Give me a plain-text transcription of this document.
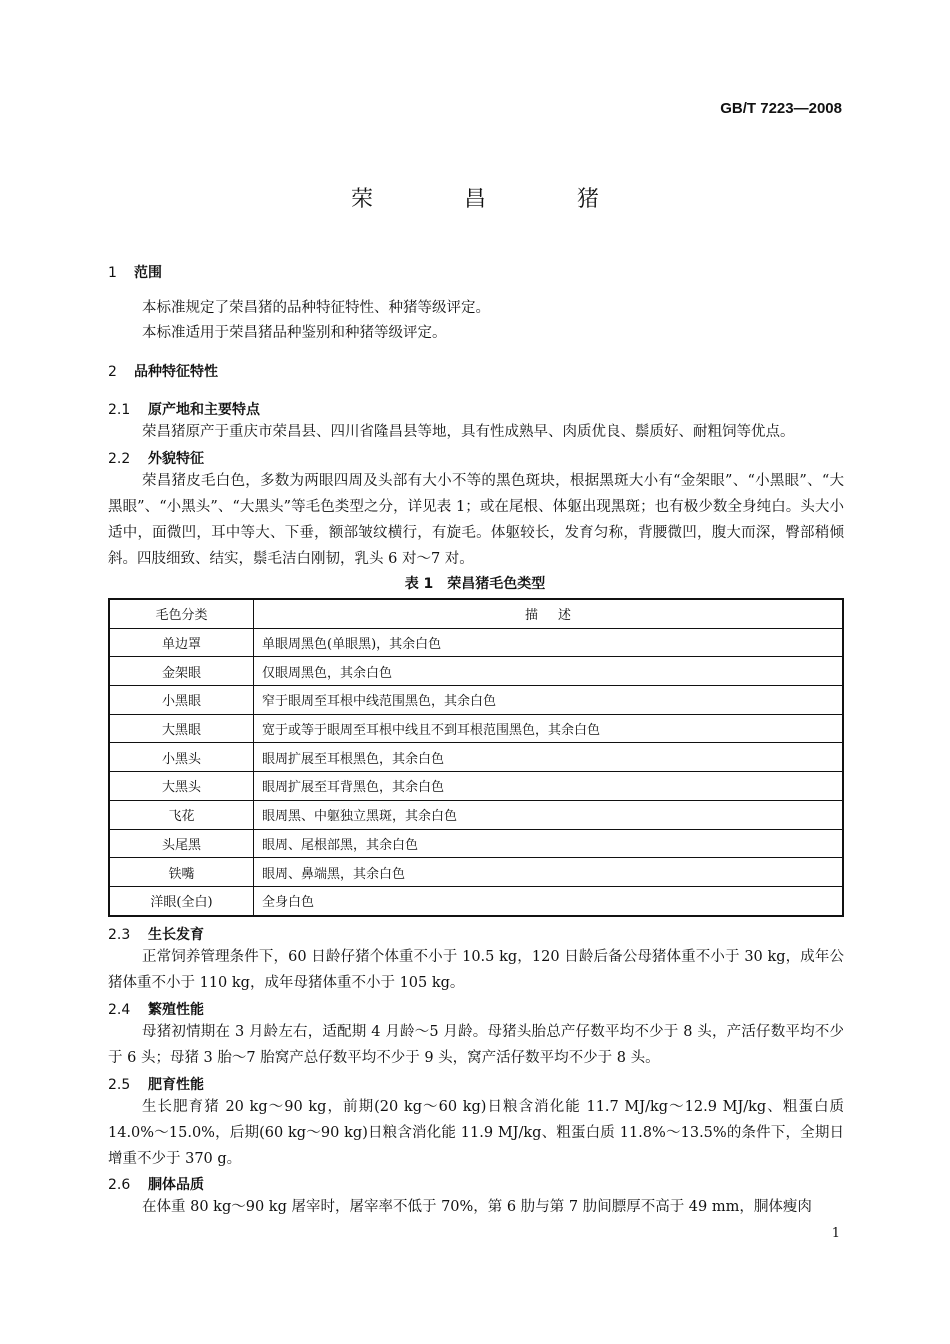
GB/T 7223—2008
荣 昌 猪
1 范围
本标准规定了荣昌猪的品种特征特性、种猪等级评定。
本标准适用于荣昌猪品种鉴别和种猪等级评定。
2 品种特征特性
2.1 原产地和主要特点
荣昌猪原产于重庆市荣昌县、四川省隆昌县等地，具有性成熟早、肉质优良、鬃质好、耐粗饲等优点。
2.2 外貌特征
荣昌猪皮毛白色，多数为两眼四周及头部有大小不等的黑色斑块，根据黑斑大小有“金架眼”、“小黑眼”、“大黑眼”、“小黑头”、“大黑头”等毛色类型之分，详见表 1；或在尾根、体躯出现黑斑；也有极少数全身纯白。头大小适中，面微凹，耳中等大、下垂，额部皱纹横行，有旋毛。体躯较长，发育匀称，背腰微凹，腹大而深，臀部稍倾斜。四肢细致、结实，鬃毛洁白刚韧，乳头 6 对～7 对。
表 1　荣昌猪毛色类型
毛色分类	描述
单边罩	单眼周黑色(单眼黑)，其余白色
金架眼	仅眼周黑色，其余白色
小黑眼	窄于眼周至耳根中线范围黑色，其余白色
大黑眼	宽于或等于眼周至耳根中线且不到耳根范围黑色，其余白色
小黑头	眼周扩展至耳根黑色，其余白色
大黑头	眼周扩展至耳背黑色，其余白色
飞花	眼周黑、中躯独立黑斑，其余白色
头尾黑	眼周、尾根部黑，其余白色
铁嘴	眼周、鼻端黑，其余白色
洋眼(全白)	全身白色
2.3 生长发育
正常饲养管理条件下，60 日龄仔猪个体重不小于 10.5 kg，120 日龄后备公母猪体重不小于 30 kg，成年公猪体重不小于 110 kg，成年母猪体重不小于 105 kg。
2.4 繁殖性能
母猪初情期在 3 月龄左右，适配期 4 月龄～5 月龄。母猪头胎总产仔数平均不少于 8 头，产活仔数平均不少于 6 头；母猪 3 胎～7 胎窝产总仔数平均不少于 9 头，窝产活仔数平均不少于 8 头。
2.5 肥育性能
生长肥育猪 20 kg～90 kg，前期(20 kg～60 kg)日粮含消化能 11.7 MJ/kg～12.9 MJ/kg、粗蛋白质 14.0%～15.0%，后期(60 kg～90 kg)日粮含消化能 11.9 MJ/kg、粗蛋白质 11.8%～13.5%的条件下，全期日增重不少于 370 g。
2.6 胴体品质
在体重 80 kg～90 kg 屠宰时，屠宰率不低于 70%，第 6 肋与第 7 肋间膘厚不高于 49 mm，胴体瘦肉
1
